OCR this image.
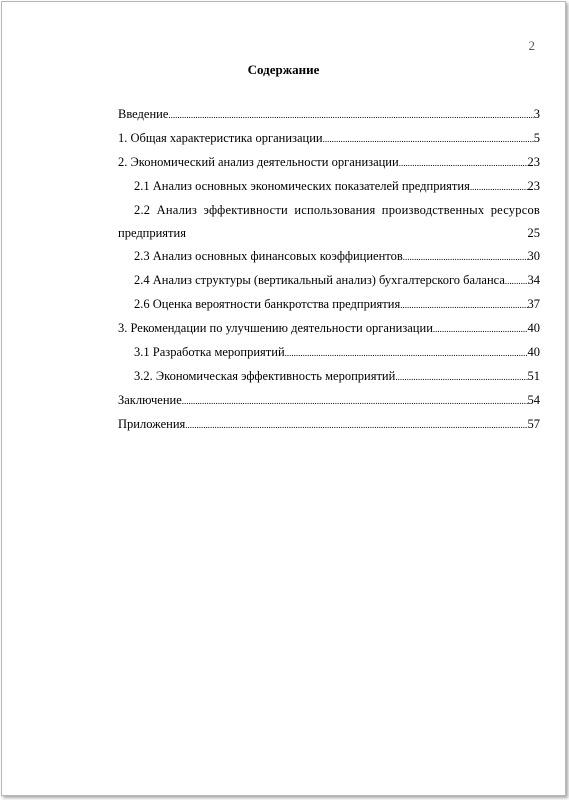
2
Содержание
Введение .....	3
1. Общая характеристика организации .....	5
2. Экономический анализ деятельности организации .....	23
2.1 Анализ основных экономических показателей предприятия .....	23
2.2 Анализ эффективности использования производственных ресурсов
предприятия	25
2.3 Анализ основных финансовых коэффициентов .....	30
2.4 Анализ структуры (вертикальный анализ) бухгалтерского баланса ..... 34
2.6 Оценка вероятности банкротства предприятия .....	37
3. Рекомендации по улучшению деятельности организации .....	40
3.1 Разработка мероприятий .....	40
3.2. Экономическая эффективность мероприятий .....	51
Заключение .....	54
Приложения .....	57
